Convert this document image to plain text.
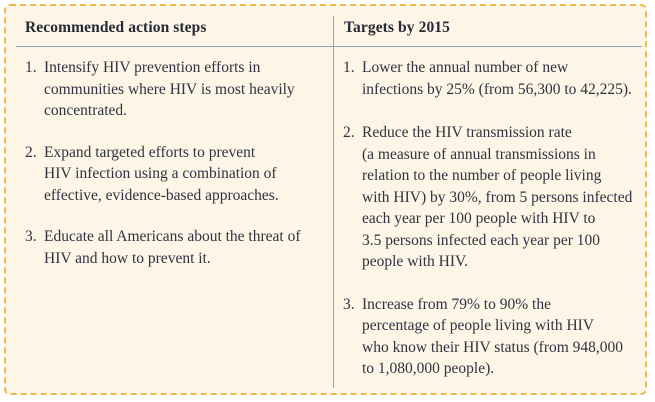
Recommended action steps	Targets by 2015
1. Intensify HIV prevention efforts in
communities where HIV is most heavily
concentrated.
2. Expand targeted efforts to prevent
HIV infection using a combination of
effective, evidence-based approaches.
3. Educate all Americans about the threat of
HIV and how to prevent it.
1. Lower the annual number of new
infections by 25% (from 56,300 to 42,225).
2. Reduce the HIV transmission rate
(a measure of annual transmissions in
relation to the number of people living
with HIV) by 30%, from 5 persons infected
each year per 100 people with HIV to
3.5 persons infected each year per 100
people with HIV.
3. Increase from 79% to 90% the
percentage of people living with HIV
who know their HIV status (from 948,000
to 1,080,000 people).
